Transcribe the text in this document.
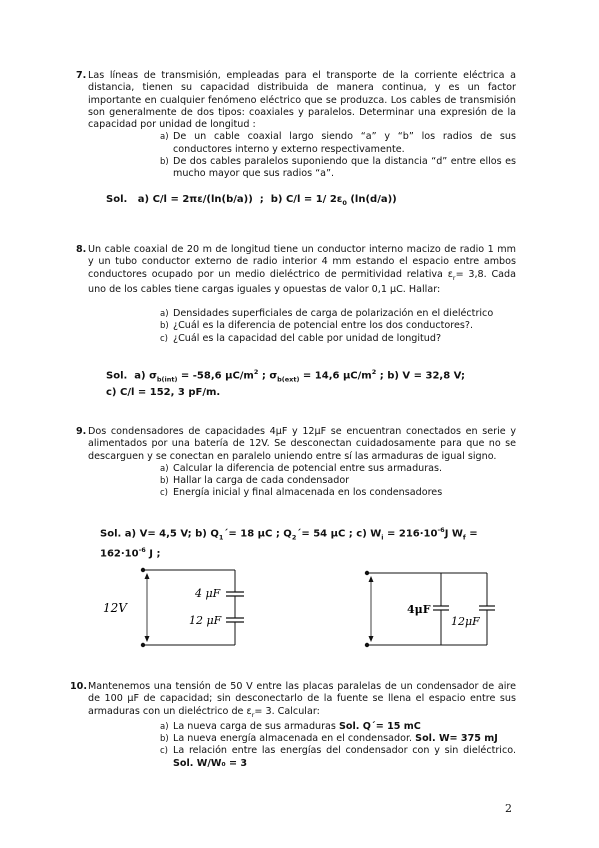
7. Las líneas de transmisión, empleadas para el transporte de la corriente eléctrica a distancia, tienen su capacidad distribuida de manera continua, y es un factor importante en cualquier fenómeno eléctrico que se produzca. Los cables de transmisión son generalmente de dos tipos: coaxiales y paralelos. Determinar una expresión de la capacidad por unidad de longitud :
a) De un cable coaxial largo siendo “a” y “b” los radios de sus conductores interno y externo respectivamente.
b) De dos cables paralelos suponiendo que la distancia “d” entre ellos es mucho mayor que sus radios “a”.
Sol. a) C/l = 2πε/(ln(b/a)) ; b) C/l = 1/ $2\varepsilon_0$ (ln(d/a))
8. Un cable coaxial de 20 m de longitud tiene un conductor interno macizo de radio 1 mm y un tubo conductor externo de radio interior 4 mm estando el espacio entre ambos conductores ocupado por un medio dieléctrico de permitividad relativa $\varepsilon_r= 3,8$. Cada uno de los cables tiene cargas iguales y opuestas de valor 0,1 μC. Hallar:
a) Densidades superficiales de carga de polarización en el dieléctrico
b) ¿Cuál es la diferencia de potencial entre los dos conductores?.
c) ¿Cuál es la capacidad del cable por unidad de longitud?
Sol. a) $\sigma_{b(int)} = -58,6$ $\mu C/m^2$ ; $\sigma_{b(ext)} = 14,6$ $\mu C/m^2$ ; b) V = 32,8 V;
c) C/l = 152, 3 pF/m.
9. Dos condensadores de capacidades 4μF y 12μF se encuentran conectados en serie y alimentados por una batería de 12V. Se desconectan cuidadosamente para que no se descarguen y se conectan en paralelo uniendo entre sí las armaduras de igual signo.
a) Calcular la diferencia de potencial entre sus armaduras.
b) Hallar la carga de cada condensador
c) Energía inicial y final almacenada en los condensadores
Sol. a) V= 4,5 V; b) $Q_1´= 18$ μC ; $Q_2´= 54$ μC ; c) $W_i = 216\cdot 10^{-6}J$ $W_f$ =
$162\cdot 10^{-6}$ J ;
12V
4 μF
12 μF
4μF
12μF
10. Mantenemos una tensión de 50 V entre las placas paralelas de un condensador de aire de 100 μF de capacidad; sin desconectarlo de la fuente se llena el espacio entre sus armaduras con un dieléctrico de $\varepsilon_r= 3$. Calcular:
a) La nueva carga de sus armaduras Sol. Q´= 15 mC
b) La nueva energía almacenada en el condensador. Sol. W= 375 mJ
c) La relación entre las energías del condensador con y sin dieléctrico. Sol. W/W₀ = 3
2
